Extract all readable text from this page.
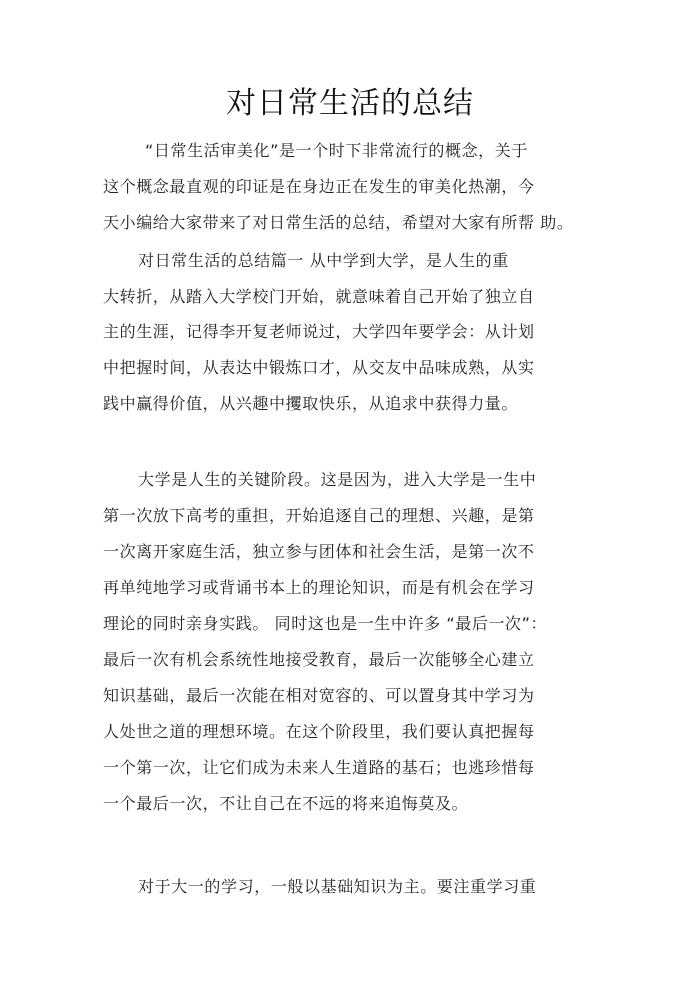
对日常生活的总结
“日常生活审美化”是一个时下非常流行的概念，关于
这个概念最直观的印证是在身边正在发生的审美化热潮，今
天小编给大家带来了对日常生活的总结，希望对大家有所帮 助。
对日常生活的总结篇一 从中学到大学，是人生的重
大转折，从踏入大学校门开始，就意味着自己开始了独立自
主的生涯，记得李开复老师说过，大学四年要学会：从计划
中把握时间，从表达中锻炼口才，从交友中品味成熟，从实
践中赢得价值，从兴趣中攫取快乐，从追求中获得力量。
大学是人生的关键阶段。这是因为，进入大学是一生中
第一次放下高考的重担，开始追逐自己的理想、兴趣，是第
一次离开家庭生活，独立参与团体和社会生活，是第一次不
再单纯地学习或背诵书本上的理论知识，而是有机会在学习
理论的同时亲身实践。 同时这也是一生中许多 “最后一次”：
最后一次有机会系统性地接受教育，最后一次能够全心建立
知识基础，最后一次能在相对宽容的、可以置身其中学习为
人处世之道的理想环境。在这个阶段里，我们要认真把握每
一个第一次，让它们成为未来人生道路的基石；也逃珍惜每
一个最后一次，不让自己在不远的将来追悔莫及。
对于大一的学习，一般以基础知识为主。要注重学习重
